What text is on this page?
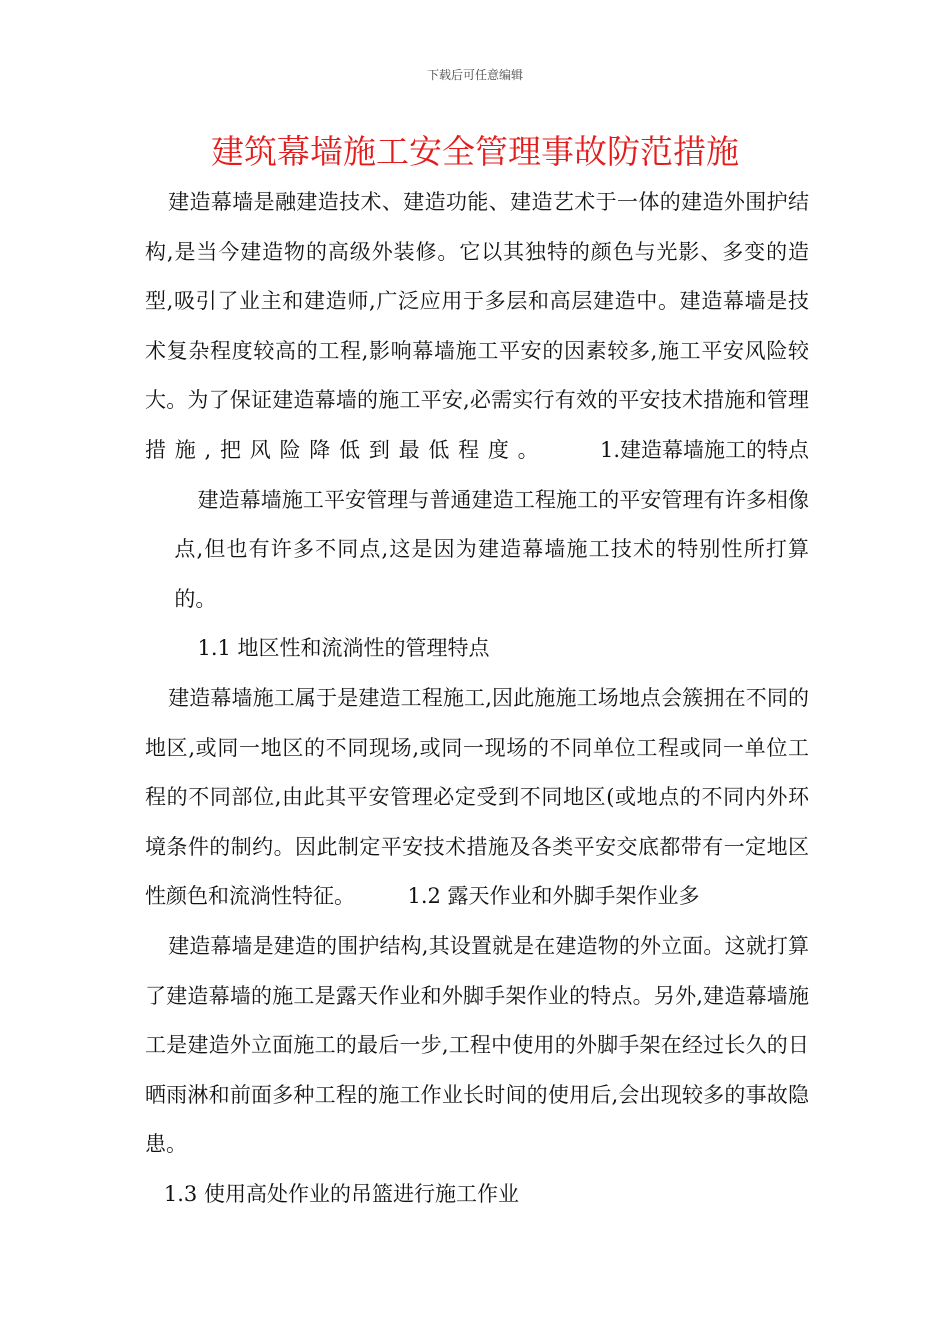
下载后可任意编辑
建筑幕墙施工安全管理事故防范措施

建造幕墙是融建造技术、建造功能、建造艺术于一体的建造外围护结构,是当今建造物的高级外装修。它以其独特的颜色与光影、多变的造型,吸引了业主和建造师,广泛应用于多层和高层建造中。建造幕墙是技术复杂程度较高的工程,影响幕墙施工平安的因素较多,施工平安风险较大。为了保证建造幕墙的施工平安,必需实行有效的平安技术措施和管理措施,把风险降低到最低程度。 1.建造幕墙施工的特点建造幕墙施工平安管理与普通建造工程施工的平安管理有许多相像点,但也有许多不同点,这是因为建造幕墙施工技术的特别性所打算的。1.1 地区性和流淌性的管理特点

建造幕墙施工属于是建造工程施工,因此施施工场地点会簇拥在不同的地区,或同一地区的不同现场,或同一现场的不同单位工程或同一单位工程的不同部位,由此其平安管理必定受到不同地区(或地点的不同内外环境条件的制约。因此制定平安技术措施及各类平安交底都带有一定地区性颜色和流淌性特征。 1.2 露天作业和外脚手架作业多

建造幕墙是建造的围护结构,其设置就是在建造物的外立面。这就打算了建造幕墙的施工是露天作业和外脚手架作业的特点。另外,建造幕墙施工是建造外立面施工的最后一步,工程中使用的外脚手架在经过长久的日晒雨淋和前面多种工程的施工作业长时间的使用后,会出现较多的事故隐患。

1.3 使用高处作业的吊篮进行施工作业
